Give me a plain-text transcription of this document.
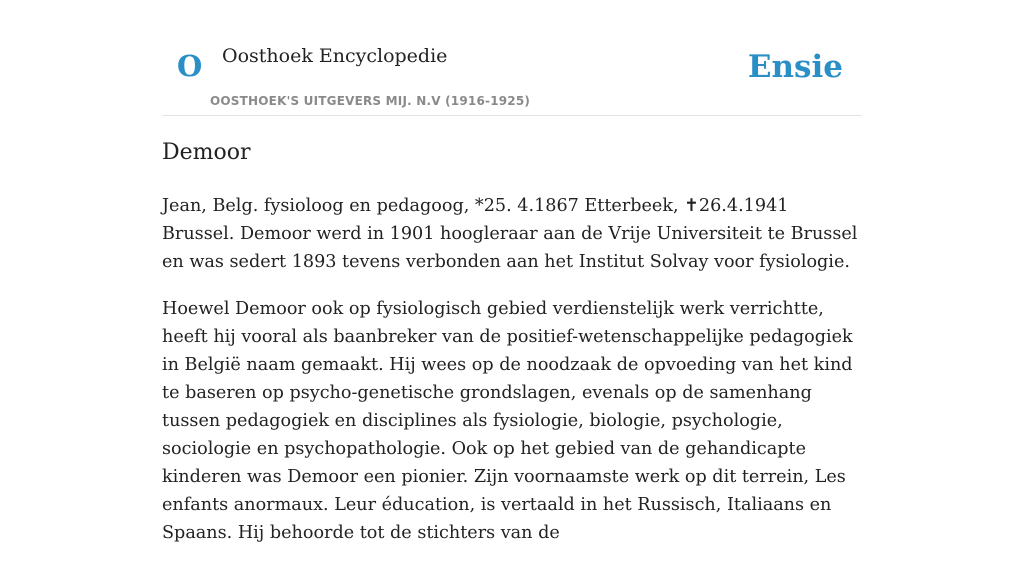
O Oosthoek Encyclopedie
OOSTHOEK'S UITGEVERS MIJ. N.V (1916-1925)
Ensie
Demoor

Jean, Belg. fysioloog en pedagoog, *25. 4.1867 Etterbeek, ✝26.4.1941 Brussel. Demoor werd in 1901 hoogleraar aan de Vrije Universiteit te Brussel en was sedert 1893 tevens verbonden aan het Institut Solvay voor fysiologie.

Hoewel Demoor ook op fysiologisch gebied verdienstelijk werk verrichtte, heeft hij vooral als baanbreker van de positief-wetenschappelijke pedagogiek in België naam gemaakt. Hij wees op de noodzaak de opvoeding van het kind te baseren op psycho-genetische grondslagen, evenals op de samenhang tussen pedagogiek en disciplines als fysiologie, biologie, psychologie, sociologie en psychopathologie. Ook op het gebied van de gehandicapte kinderen was Demoor een pionier. Zijn voornaamste werk op dit terrein, Les enfants anormaux. Leur éducation, is vertaald in het Russisch, Italiaans en Spaans. Hij behoorde tot de stichters van de
